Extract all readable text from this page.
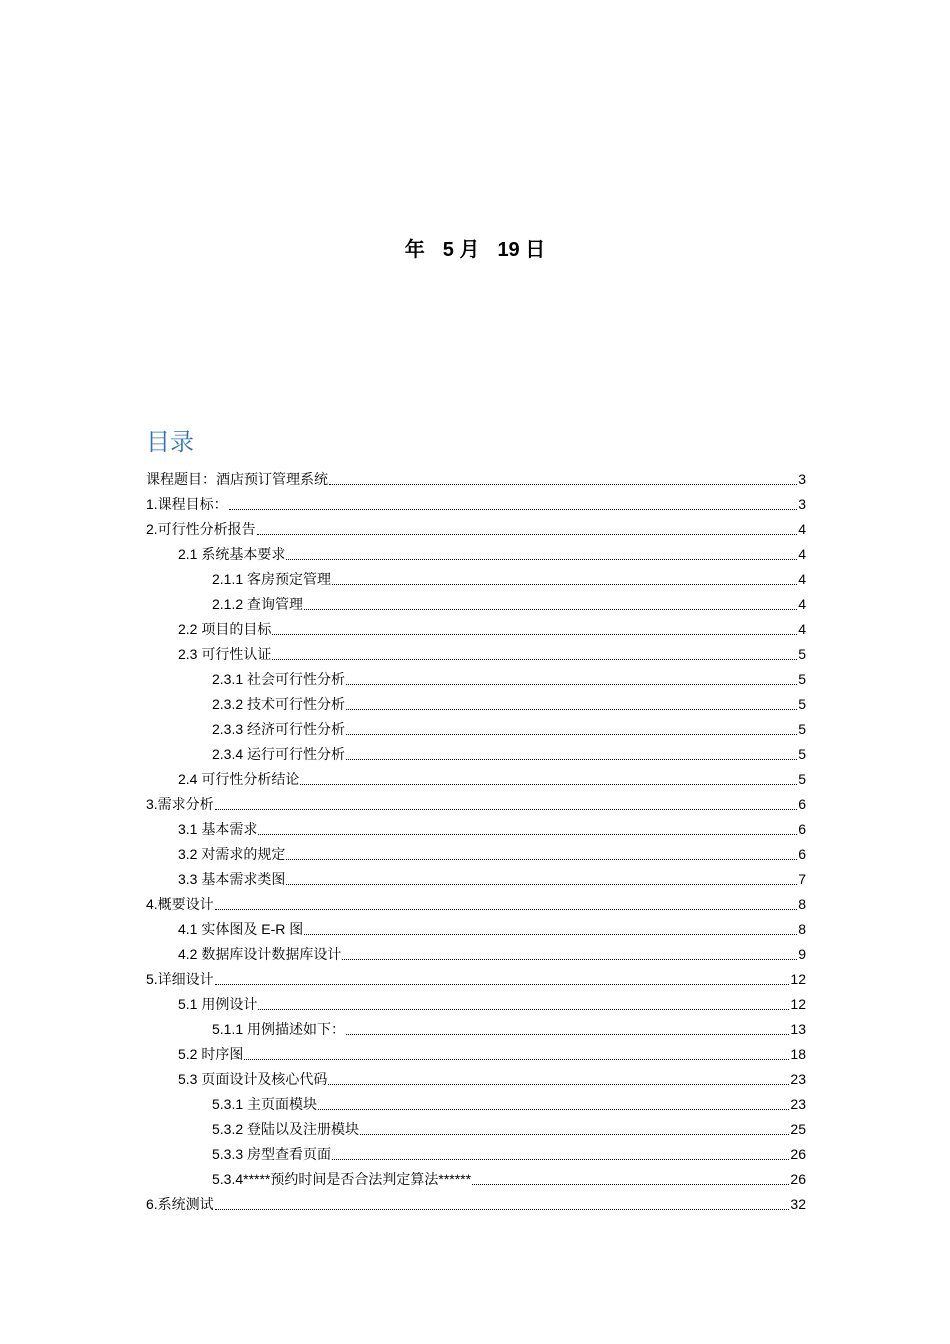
年 5 月 19 日
目录
课程题目：酒店预订管理系统	3
1.课程目标：	3
2.可行性分析报告	4
2.1 系统基本要求	4
2.1.1 客房预定管理	4
2.1.2 查询管理	4
2.2 项目的目标	4
2.3 可行性认证	5
2.3.1 社会可行性分析	5
2.3.2 技术可行性分析	5
2.3.3 经济可行性分析	5
2.3.4 运行可行性分析	5
2.4 可行性分析结论	5
3.需求分析	6
3.1 基本需求	6
3.2 对需求的规定	6
3.3 基本需求类图	7
4.概要设计	8
4.1 实体图及 E-R 图	8
4.2 数据库设计数据库设计	9
5.详细设计	12
5.1 用例设计	12
5.1.1 用例描述如下：	13
5.2 时序图	18
5.3 页面设计及核心代码	23
5.3.1 主页面模块	23
5.3.2 登陆以及注册模块	25
5.3.3 房型查看页面	26
5.3.4*****预约时间是否合法判定算法******	26
6.系统测试	32
